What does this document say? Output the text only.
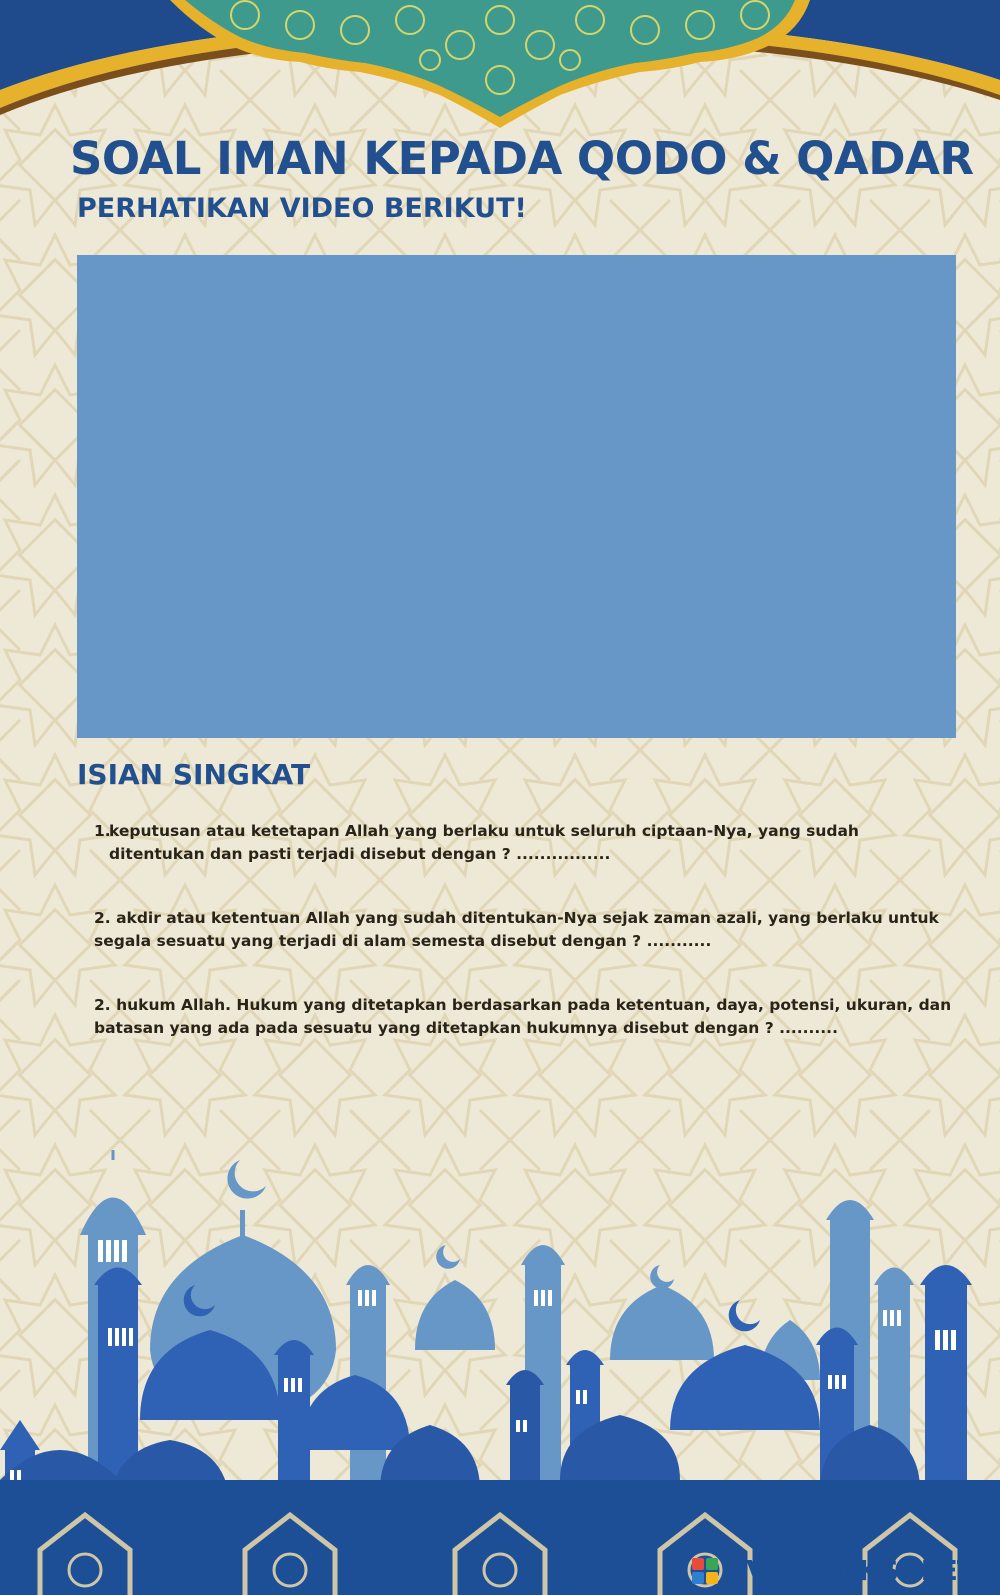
SOAL IMAN KEPADA QODO & QADAR
PERHATIKAN VIDEO BERIKUT!
ISIAN SINGKAT
1.
keputusan atau ketetapan Allah yang berlaku untuk seluruh ciptaan-Nya, yang sudah ditentukan dan pasti terjadi disebut dengan ? ................
2. akdir atau ketentuan Allah yang sudah ditentukan-Nya sejak zaman azali, yang berlaku untuk segala sesuatu yang terjadi di alam semesta disebut dengan ? ...........
2. hukum Allah. Hukum yang ditetapkan berdasarkan pada ketentuan, daya, potensi, ukuran, dan batasan yang ada pada sesuatu yang ditetapkan hukumnya disebut dengan ? ..........
LIVEWORKSHEETS
